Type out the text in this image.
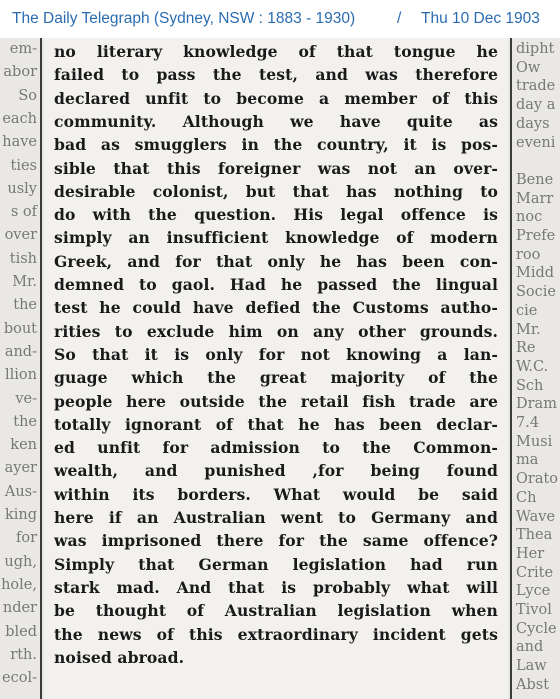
The Daily Telegraph (Sydney, NSW : 1883 - 1930)	/ Thu 10 Dec 1903
em-
abor
So
each
have
ties
usly
s of
over
tish
Mr.
the
bout
and-
llion
ve-
the
ken
ayer
Aus-
king
for
ugh,
hole,
nder
bled
rth.
ecol-
no literary knowledge of that tongue he
failed to pass the test, and was therefore
declared unfit to become a member of this
community. Although we have quite as
bad as smugglers in the country, it is pos-
sible that this foreigner was not an over-
desirable colonist, but that has nothing to
do with the question. His legal offence is
simply an insufficient knowledge of modern
Greek, and for that only he has been con-
demned to gaol. Had he passed the lingual
test he could have defied the Customs autho-
rities to exclude him on any other grounds.
So that it is only for not knowing a lan-
guage which the great majority of the
people here outside the retail fish trade are
totally ignorant of that he has been declar-
ed unfit for admission to the Common-
wealth, and punished ,for being found
within its borders. What would be said
here if an Australian went to Germany and
was imprisoned there for the same offence?
Simply that German legislation had run
stark mad. And that is probably what will
be thought of Australian legislation when
the news of this extraordinary incident gets
noised abroad.
dipht
Ow
trade
day a
days
eveni
Bene
Marr
noc
Prefe
roo
Midd
Socie
cie
Mr.
Re
W.C.
Sch
Dram
7.4
Musi
ma
Orato
Ch
Wave
Thea
Her
Crite
Lyce
Tivol
Cycle
and
Law
Abst
